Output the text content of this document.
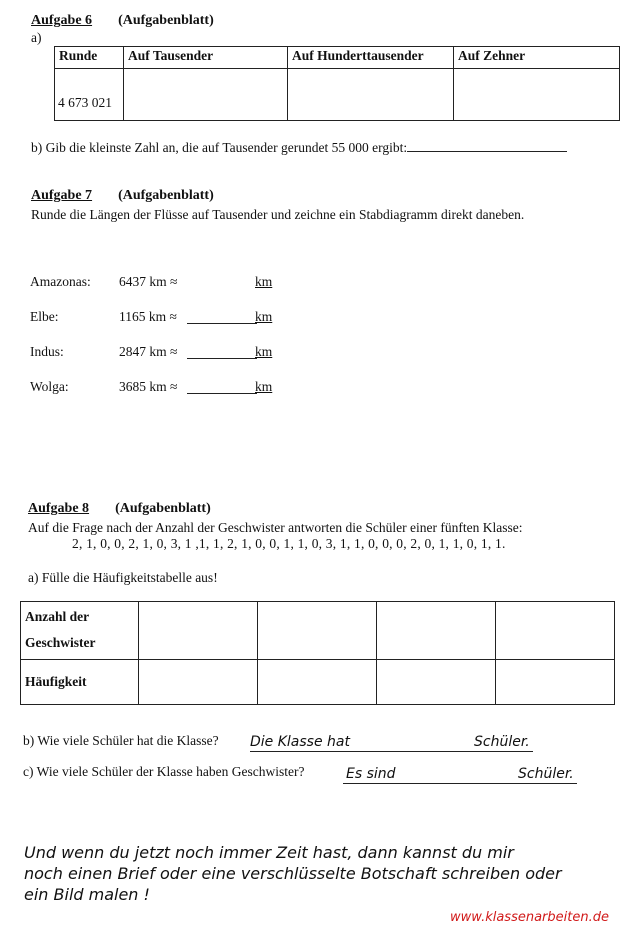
Aufgabe 6 (Aufgabenblatt)
a)
Runde	Auf Tausender	Auf Hunderttausender	Auf Zehner
$^{4 673 021}$			
b) Gib die kleinste Zahl an, die auf Tausender gerundet 55 000 ergibt:
Aufgabe 7 (Aufgabenblatt)
Runde die Längen der Flüsse auf Tausender und zeichne ein Stabdiagramm direkt daneben.
Amazonas: 6437 km ≈	km
Elbe:	1165 km ≈	km
Indus:	2847 km ≈	km
Wolga:	3685 km ≈	km
Aufgabe 8 (Aufgabenblatt)
Auf die Frage nach der Anzahl der Geschwister antworten die Schüler einer fünften Klasse:
2, 1, 0, 0, 2, 1, 0, 3, 1 ,1, 1, 2, 1, 0, 0, 1, 1, 0, 3, 1, 1, 0, 0, 0, 2, 0, 1, 1, 0, 1, 1.
a) Fülle die Häufigkeitstabelle aus!
Anzahl der
Geschwister				

Häufigkeit				

b) Wie viele Schüler hat die Klasse? Die Klasse hat	Schüler.
c) Wie viele Schüler der Klasse haben Geschwister?	Es sind	Schüler.
Und wenn du jetzt noch immer Zeit hast, dann kannst du mir
noch einen Brief oder eine verschlüsselte Botschaft schreiben oder
ein Bild malen !
www.klassenarbeiten.de
